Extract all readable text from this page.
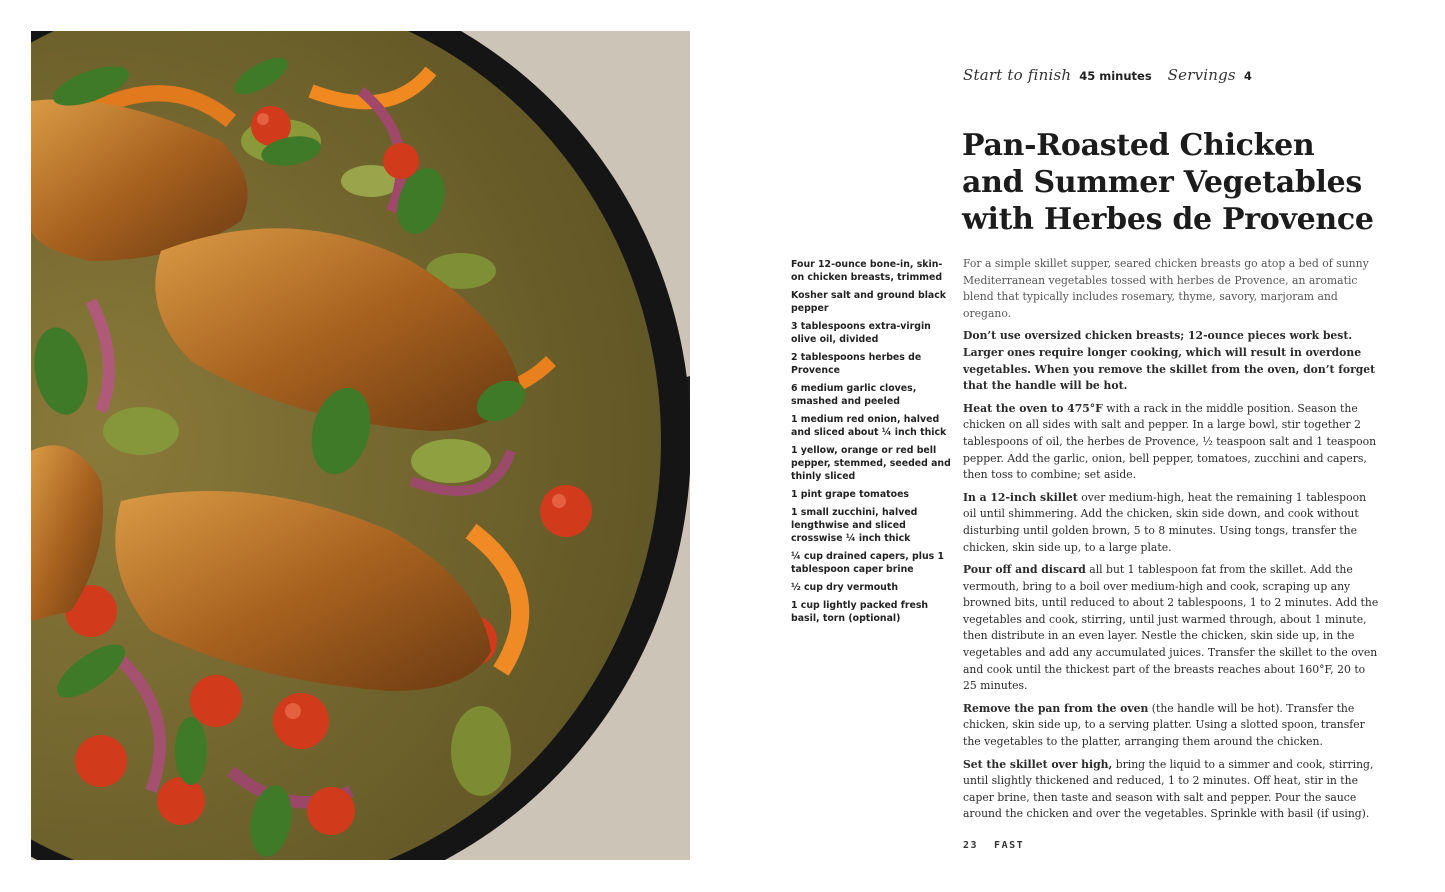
Start to finish 45 minutes Servings 4
Pan-Roasted Chicken
and Summer Vegetables
with Herbes de Provence
Four 12-ounce bone-in, skin-on chicken breasts, trimmed
Kosher salt and ground black pepper
3 tablespoons extra-virgin olive oil, divided
2 tablespoons herbes de Provence
6 medium garlic cloves, smashed and peeled
1 medium red onion, halved and sliced about ¼ inch thick
1 yellow, orange or red bell pepper, stemmed, seeded and thinly sliced
1 pint grape tomatoes
1 small zucchini, halved lengthwise and sliced crosswise ¼ inch thick
¼ cup drained capers, plus 1 tablespoon caper brine
½ cup dry vermouth
1 cup lightly packed fresh basil, torn (optional)

For a simple skillet supper, seared chicken breasts go atop a bed of sunny Mediterranean vegetables tossed with herbes de Provence, an aromatic blend that typically includes rosemary, thyme, savory, marjoram and oregano.

Don’t use oversized chicken breasts; 12-ounce pieces work best. Larger ones require longer cooking, which will result in overdone vegetables. When you remove the skillet from the oven, don’t forget that the handle will be hot.

Heat the oven to 475°F with a rack in the middle position. Season the chicken on all sides with salt and pepper. In a large bowl, stir together 2 tablespoons of oil, the herbes de Provence, ½ teaspoon salt and 1 teaspoon pepper. Add the garlic, onion, bell pepper, tomatoes, zucchini and capers, then toss to combine; set aside.

In a 12-inch skillet over medium-high, heat the remaining 1 tablespoon oil until shimmering. Add the chicken, skin side down, and cook without disturbing until golden brown, 5 to 8 minutes. Using tongs, transfer the chicken, skin side up, to a large plate.

Pour off and discard all but 1 tablespoon fat from the skillet. Add the vermouth, bring to a boil over medium-high and cook, scraping up any browned bits, until reduced to about 2 tablespoons, 1 to 2 minutes. Add the vegetables and cook, stirring, until just warmed through, about 1 minute, then distribute in an even layer. Nestle the chicken, skin side up, in the vegetables and add any accumulated juices. Transfer the skillet to the oven and cook until the thickest part of the breasts reaches about 160°F, 20 to 25 minutes.

Remove the pan from the oven (the handle will be hot). Transfer the chicken, skin side up, to a serving platter. Using a slotted spoon, transfer the vegetables to the platter, arranging them around the chicken.

Set the skillet over high, bring the liquid to a simmer and cook, stirring, until slightly thickened and reduced, 1 to 2 minutes. Off heat, stir in the caper brine, then taste and season with salt and pepper. Pour the sauce around the chicken and over the vegetables. Sprinkle with basil (if using).

23 FAST
